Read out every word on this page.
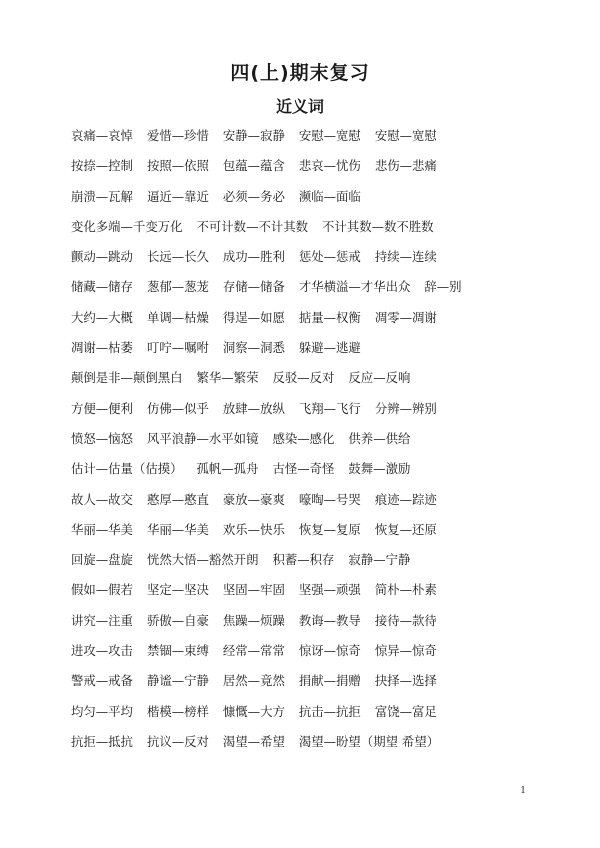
四(上)期末复习
近义词
哀痛—哀悼 爱惜—珍惜 安静—寂静 安慰—宽慰 安慰—宽慰
按捺—控制 按照—依照 包蕴—蕴含 悲哀—忧伤 悲伤—悲痛
崩溃—瓦解 逼近—靠近 必须—务必 濒临—面临
变化多端—千变万化 不可计数—不计其数 不计其数—数不胜数
颤动—跳动 长远—长久 成功—胜利 惩处—惩戒 持续—连续
储藏—储存 葱郁—葱茏 存储—储备 才华横溢—才华出众 辞—别
大约—大概 单调—枯燥 得逞—如愿 掂量—权衡 凋零—凋谢
凋谢—枯萎 叮咛—嘱咐 洞察—洞悉 躲避—逃避
颠倒是非—颠倒黑白 繁华—繁荣 反驳—反对 反应—反响
方便—便利 仿佛—似乎 放肆—放纵 飞翔—飞行 分辨—辨别
愤怒—恼怒 风平浪静—水平如镜 感染—感化 供养—供给
估计—估量（估摸） 孤帆—孤舟 古怪—奇怪 鼓舞—激励
故人—故交 憨厚—憨直 豪放—豪爽 嚎啕—号哭 痕迹—踪迹
华丽—华美 华丽—华美 欢乐—快乐 恢复—复原 恢复—还原
回旋—盘旋 恍然大悟—豁然开朗 积蓄—积存 寂静—宁静
假如—假若 坚定—坚决 坚固—牢固 坚强—顽强 简朴—朴素
讲究—注重 骄傲—自豪 焦躁—烦躁 教诲—教导 接待—款待
进攻—攻击 禁锢—束缚 经常—常常 惊讶—惊奇 惊异—惊奇
警戒—戒备 静谧—宁静 居然—竟然 捐献—捐赠 抉择—选择
均匀—平均 楷模—榜样 慷慨—大方 抗击—抗拒 富饶—富足
抗拒—抵抗 抗议—反对 渴望—希望 渴望—盼望（期望 希望）
1
